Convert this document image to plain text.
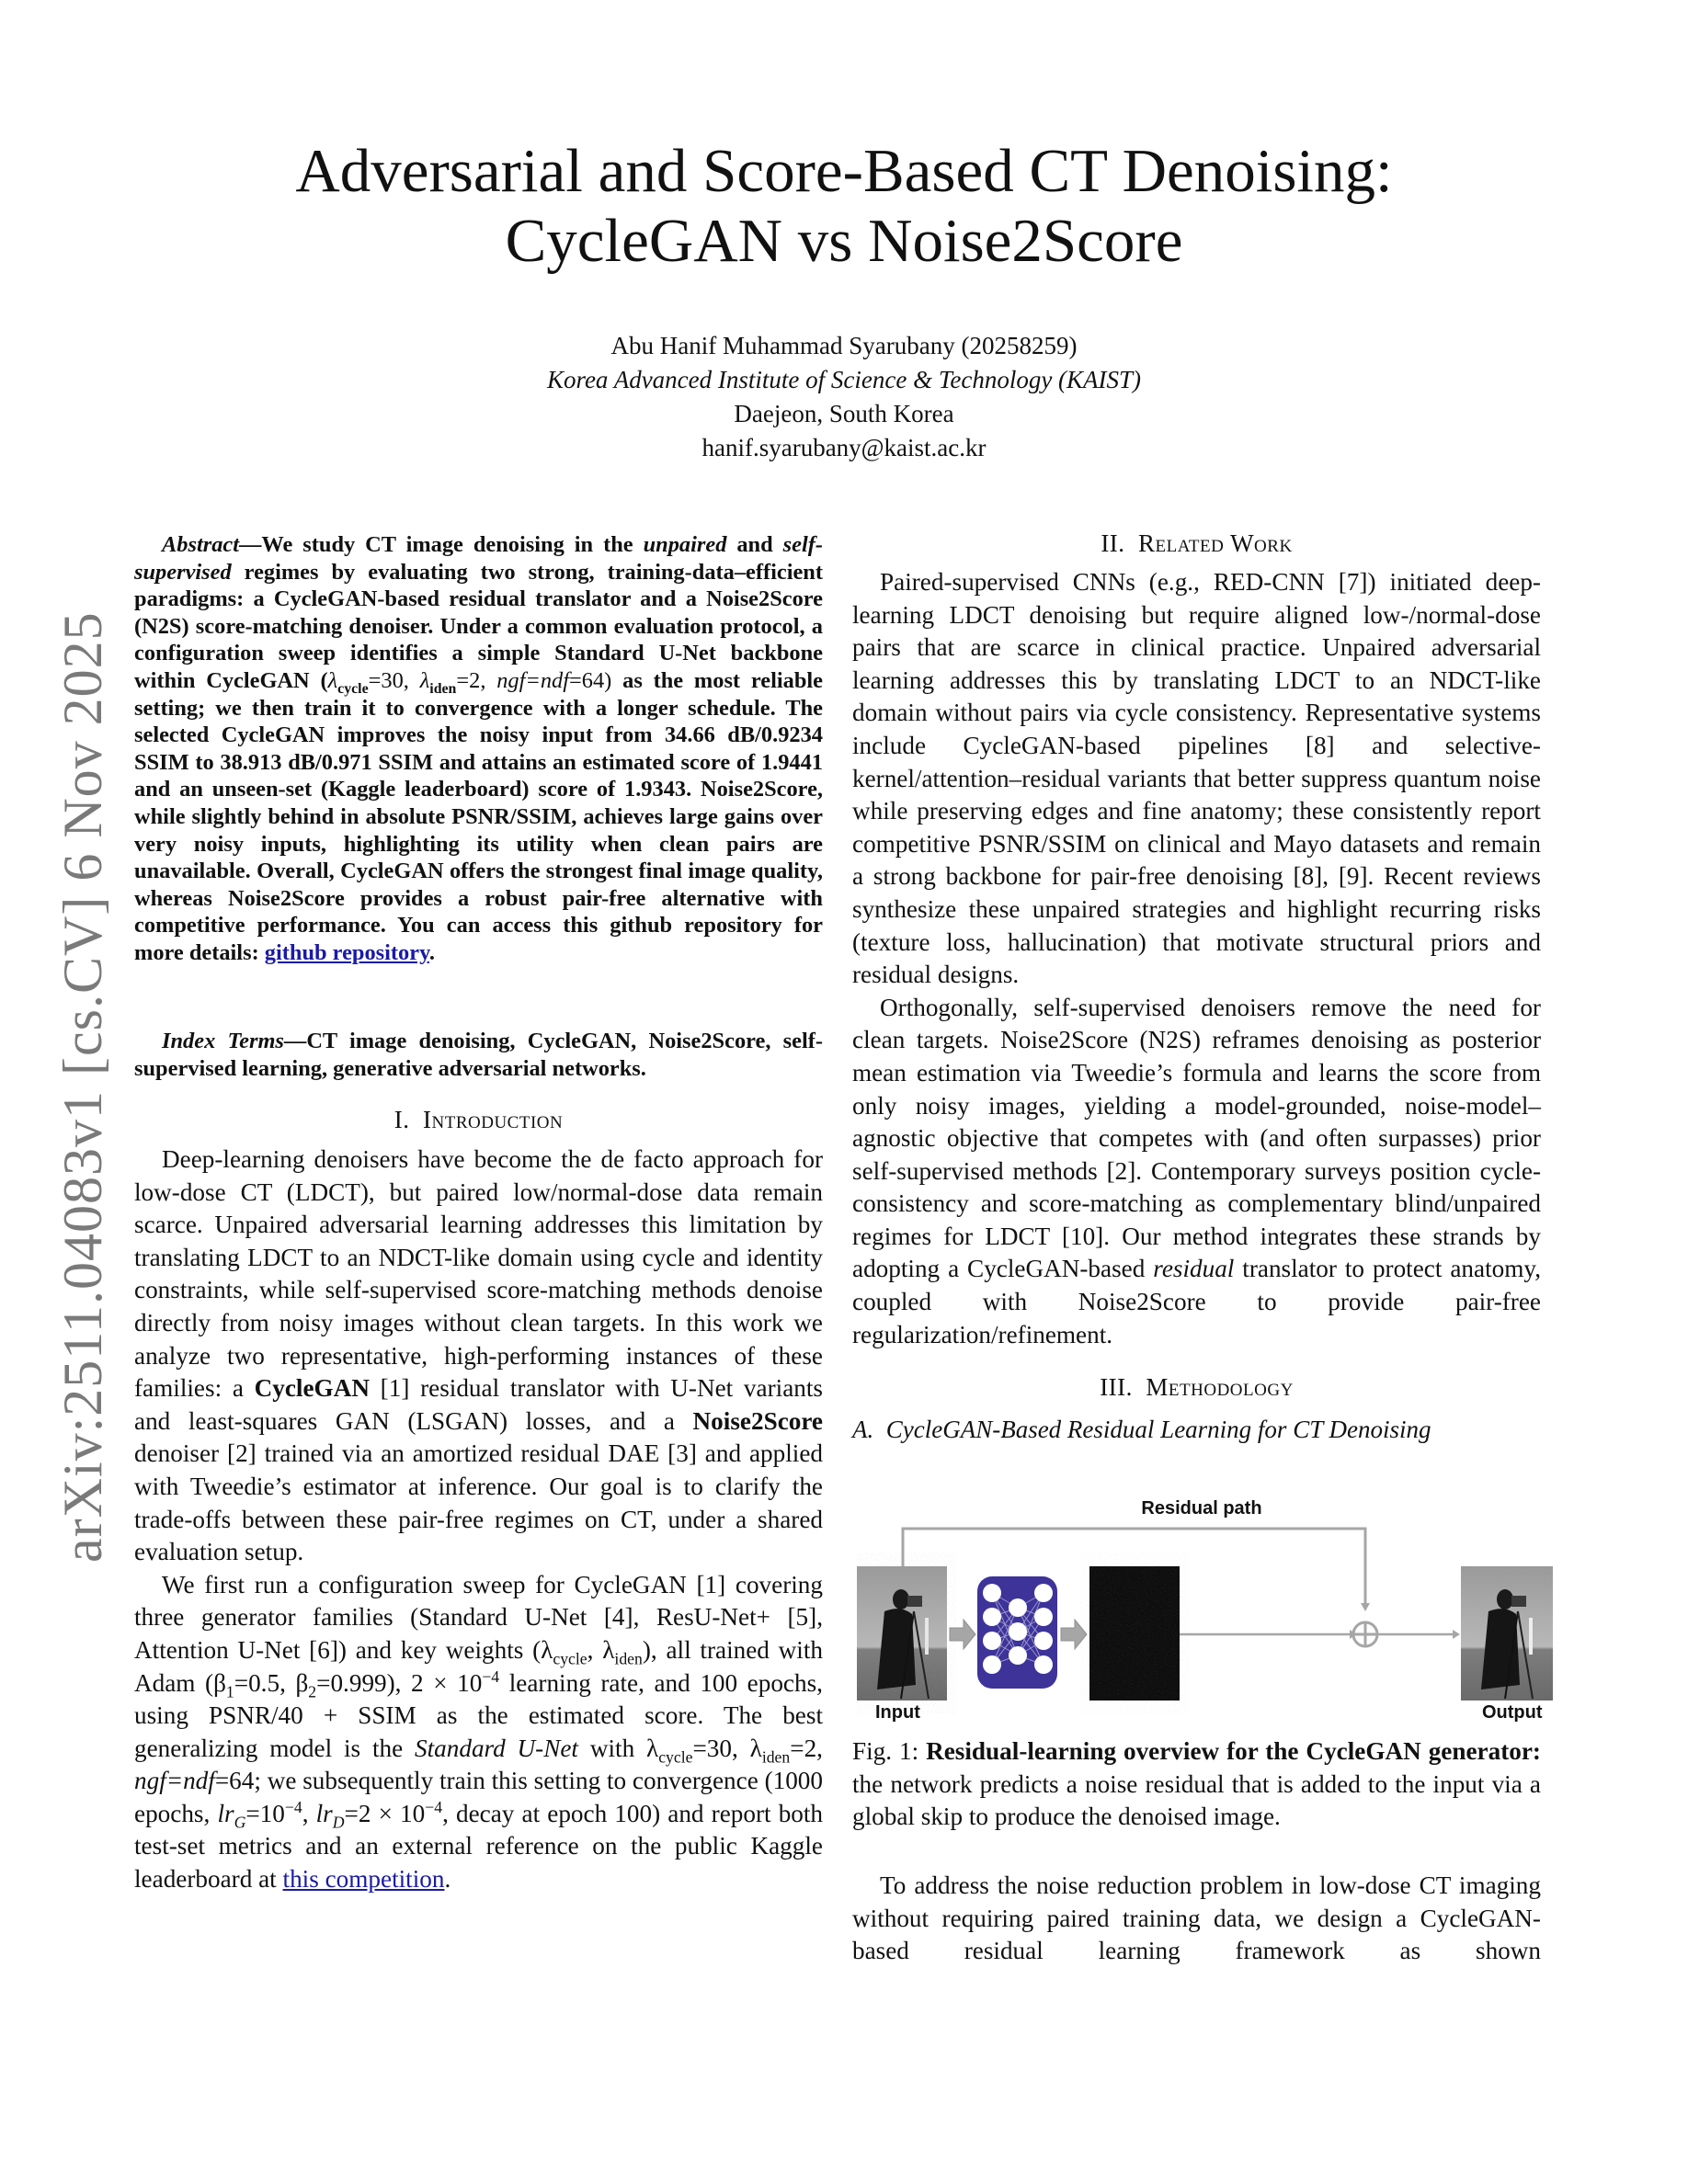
arXiv:2511.04083v1 [cs.CV] 6 Nov 2025
Adversarial and Score-Based CT Denoising:
CycleGAN vs Noise2Score
Abu Hanif Muhammad Syarubany (20258259)
Korea Advanced Institute of Science & Technology (KAIST)
Daejeon, South Korea
hanif.syarubany@kaist.ac.kr

Abstract—We study CT image denoising in the unpaired and self-supervised regimes by evaluating two strong, training-data–efficient paradigms: a CycleGAN-based residual translator and a Noise2Score (N2S) score-matching denoiser. Under a common evaluation protocol, a configuration sweep identifies a simple Standard U-Net backbone within CycleGAN ($\lambda_{cycle}=30$, $\lambda_{iden}=2$, ngf=ndf=64) as the most reliable setting; we then train it to convergence with a longer schedule. The selected CycleGAN improves the noisy input from 34.66 dB/0.9234 SSIM to 38.913 dB/0.971 SSIM and attains an estimated score of 1.9441 and an unseen-set (Kaggle leaderboard) score of 1.9343. Noise2Score, while slightly behind in absolute PSNR/SSIM, achieves large gains over very noisy inputs, highlighting its utility when clean pairs are unavailable. Overall, CycleGAN offers the strongest final image quality, whereas Noise2Score provides a robust pair-free alternative with competitive performance. You can access this github repository for more details: github repository.

Index Terms—CT image denoising, CycleGAN, Noise2Score, self-supervised learning, generative adversarial networks.

I. Introduction

Deep-learning denoisers have become the de facto approach for low-dose CT (LDCT), but paired low/normal-dose data remain scarce. Unpaired adversarial learning addresses this limitation by translating LDCT to an NDCT-like domain using cycle and identity constraints, while self-supervised score-matching methods denoise directly from noisy images without clean targets. In this work we analyze two representative, high-performing instances of these families: a CycleGAN [1] residual translator with U-Net variants and least-squares GAN (LSGAN) losses, and a Noise2Score denoiser [2] trained via an amortized residual DAE [3] and applied with Tweedie’s estimator at inference. Our goal is to clarify the trade-offs between these pair-free regimes on CT, under a shared evaluation setup.

We first run a configuration sweep for CycleGAN [1] covering three generator families (Standard U-Net [4], ResU-Net+ [5], Attention U-Net [6]) and key weights ($\lambda_{cycle}$, $\lambda_{iden}$), all trained with Adam ($\beta_1=0.5$, $\beta_2=0.999$), $2 \times 10^{-4}$ learning rate, and 100 epochs, using PSNR/40 + SSIM as the estimated score. The best generalizing model is the Standard U-Net with $\lambda_{cycle}=30$, $\lambda_{iden}=2$, ngf=ndf=64; we subsequently train this setting to convergence (1000 epochs, $lr_G=10^{-4}$, $lr_D=2 \times 10^{-4}$, decay at epoch 100) and report both test-set metrics and an external reference on the public Kaggle leaderboard at this competition.

II. Related Work

Paired-supervised CNNs (e.g., RED-CNN [7]) initiated deep-learning LDCT denoising but require aligned low-/normal-dose pairs that are scarce in clinical practice. Unpaired adversarial learning addresses this by translating LDCT to an NDCT-like domain without pairs via cycle consistency. Representative systems include CycleGAN-based pipelines [8] and selective-kernel/attention–residual variants that better suppress quantum noise while preserving edges and fine anatomy; these consistently report competitive PSNR/SSIM on clinical and Mayo datasets and remain a strong backbone for pair-free denoising [8], [9]. Recent reviews synthesize these unpaired strategies and highlight recurring risks (texture loss, hallucination) that motivate structural priors and residual designs.

Orthogonally, self-supervised denoisers remove the need for clean targets. Noise2Score (N2S) reframes denoising as posterior mean estimation via Tweedie’s formula and learns the score from only noisy images, yielding a model-grounded, noise-model–agnostic objective that competes with (and often surpasses) prior self-supervised methods [2]. Contemporary surveys position cycle-consistency and score-matching as complementary blind/unpaired regimes for LDCT [10]. Our method integrates these strands by adopting a CycleGAN-based residual translator to protect anatomy, coupled with Noise2Score to provide pair-free regularization/refinement.

III. Methodology
A. CycleGAN-Based Residual Learning for CT Denoising
Residual path
Input	Output
Fig. 1: Residual-learning overview for the CycleGAN generator: the network predicts a noise residual that is added to the input via a global skip to produce the denoised image.

To address the noise reduction problem in low-dose CT imaging without requiring paired training data, we design a CycleGAN-based residual learning framework as shown
